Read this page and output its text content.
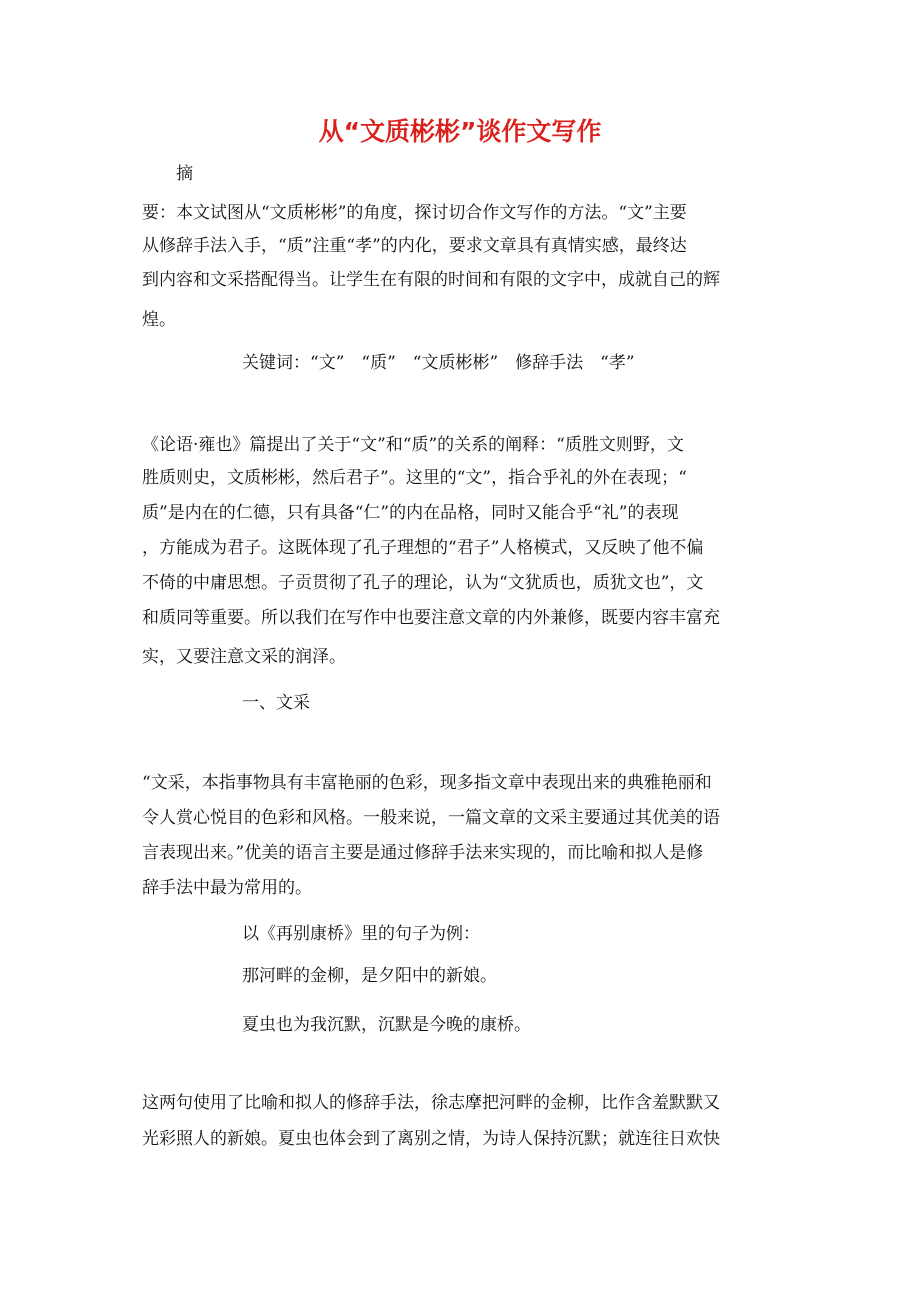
从“文质彬彬”谈作文写作
摘
要：本文试图从“文质彬彬”的角度，探讨切合作文写作的方法。“文”主要
从修辞手法入手，“质”注重“孝”的内化，要求文章具有真情实感，最终达
到内容和文采搭配得当。让学生在有限的时间和有限的文字中，成就自己的辉
煌。
关键词：“文”　“质”　“文质彬彬”　修辞手法　“孝”
《论语·雍也》篇提出了关于“文”和“质”的关系的阐释：“质胜文则野，文
胜质则史，文质彬彬，然后君子”。这里的“文”，指合乎礼的外在表现；“
质”是内在的仁德，只有具备“仁”的内在品格，同时又能合乎“礼”的表现
，方能成为君子。这既体现了孔子理想的“君子”人格模式，又反映了他不偏
不倚的中庸思想。子贡贯彻了孔子的理论，认为“文犹质也，质犹文也”，文
和质同等重要。所以我们在写作中也要注意文章的内外兼修，既要内容丰富充
实，又要注意文采的润泽。
一、文采
“文采，本指事物具有丰富艳丽的色彩，现多指文章中表现出来的典雅艳丽和
令人赏心悦目的色彩和风格。一般来说，一篇文章的文采主要通过其优美的语
言表现出来。”优美的语言主要是通过修辞手法来实现的，而比喻和拟人是修
辞手法中最为常用的。
以《再别康桥》里的句子为例：
那河畔的金柳，是夕阳中的新娘。
夏虫也为我沉默，沉默是今晚的康桥。
这两句使用了比喻和拟人的修辞手法，徐志摩把河畔的金柳，比作含羞默默又
光彩照人的新娘。夏虫也体会到了离别之情，为诗人保持沉默；就连往日欢快
